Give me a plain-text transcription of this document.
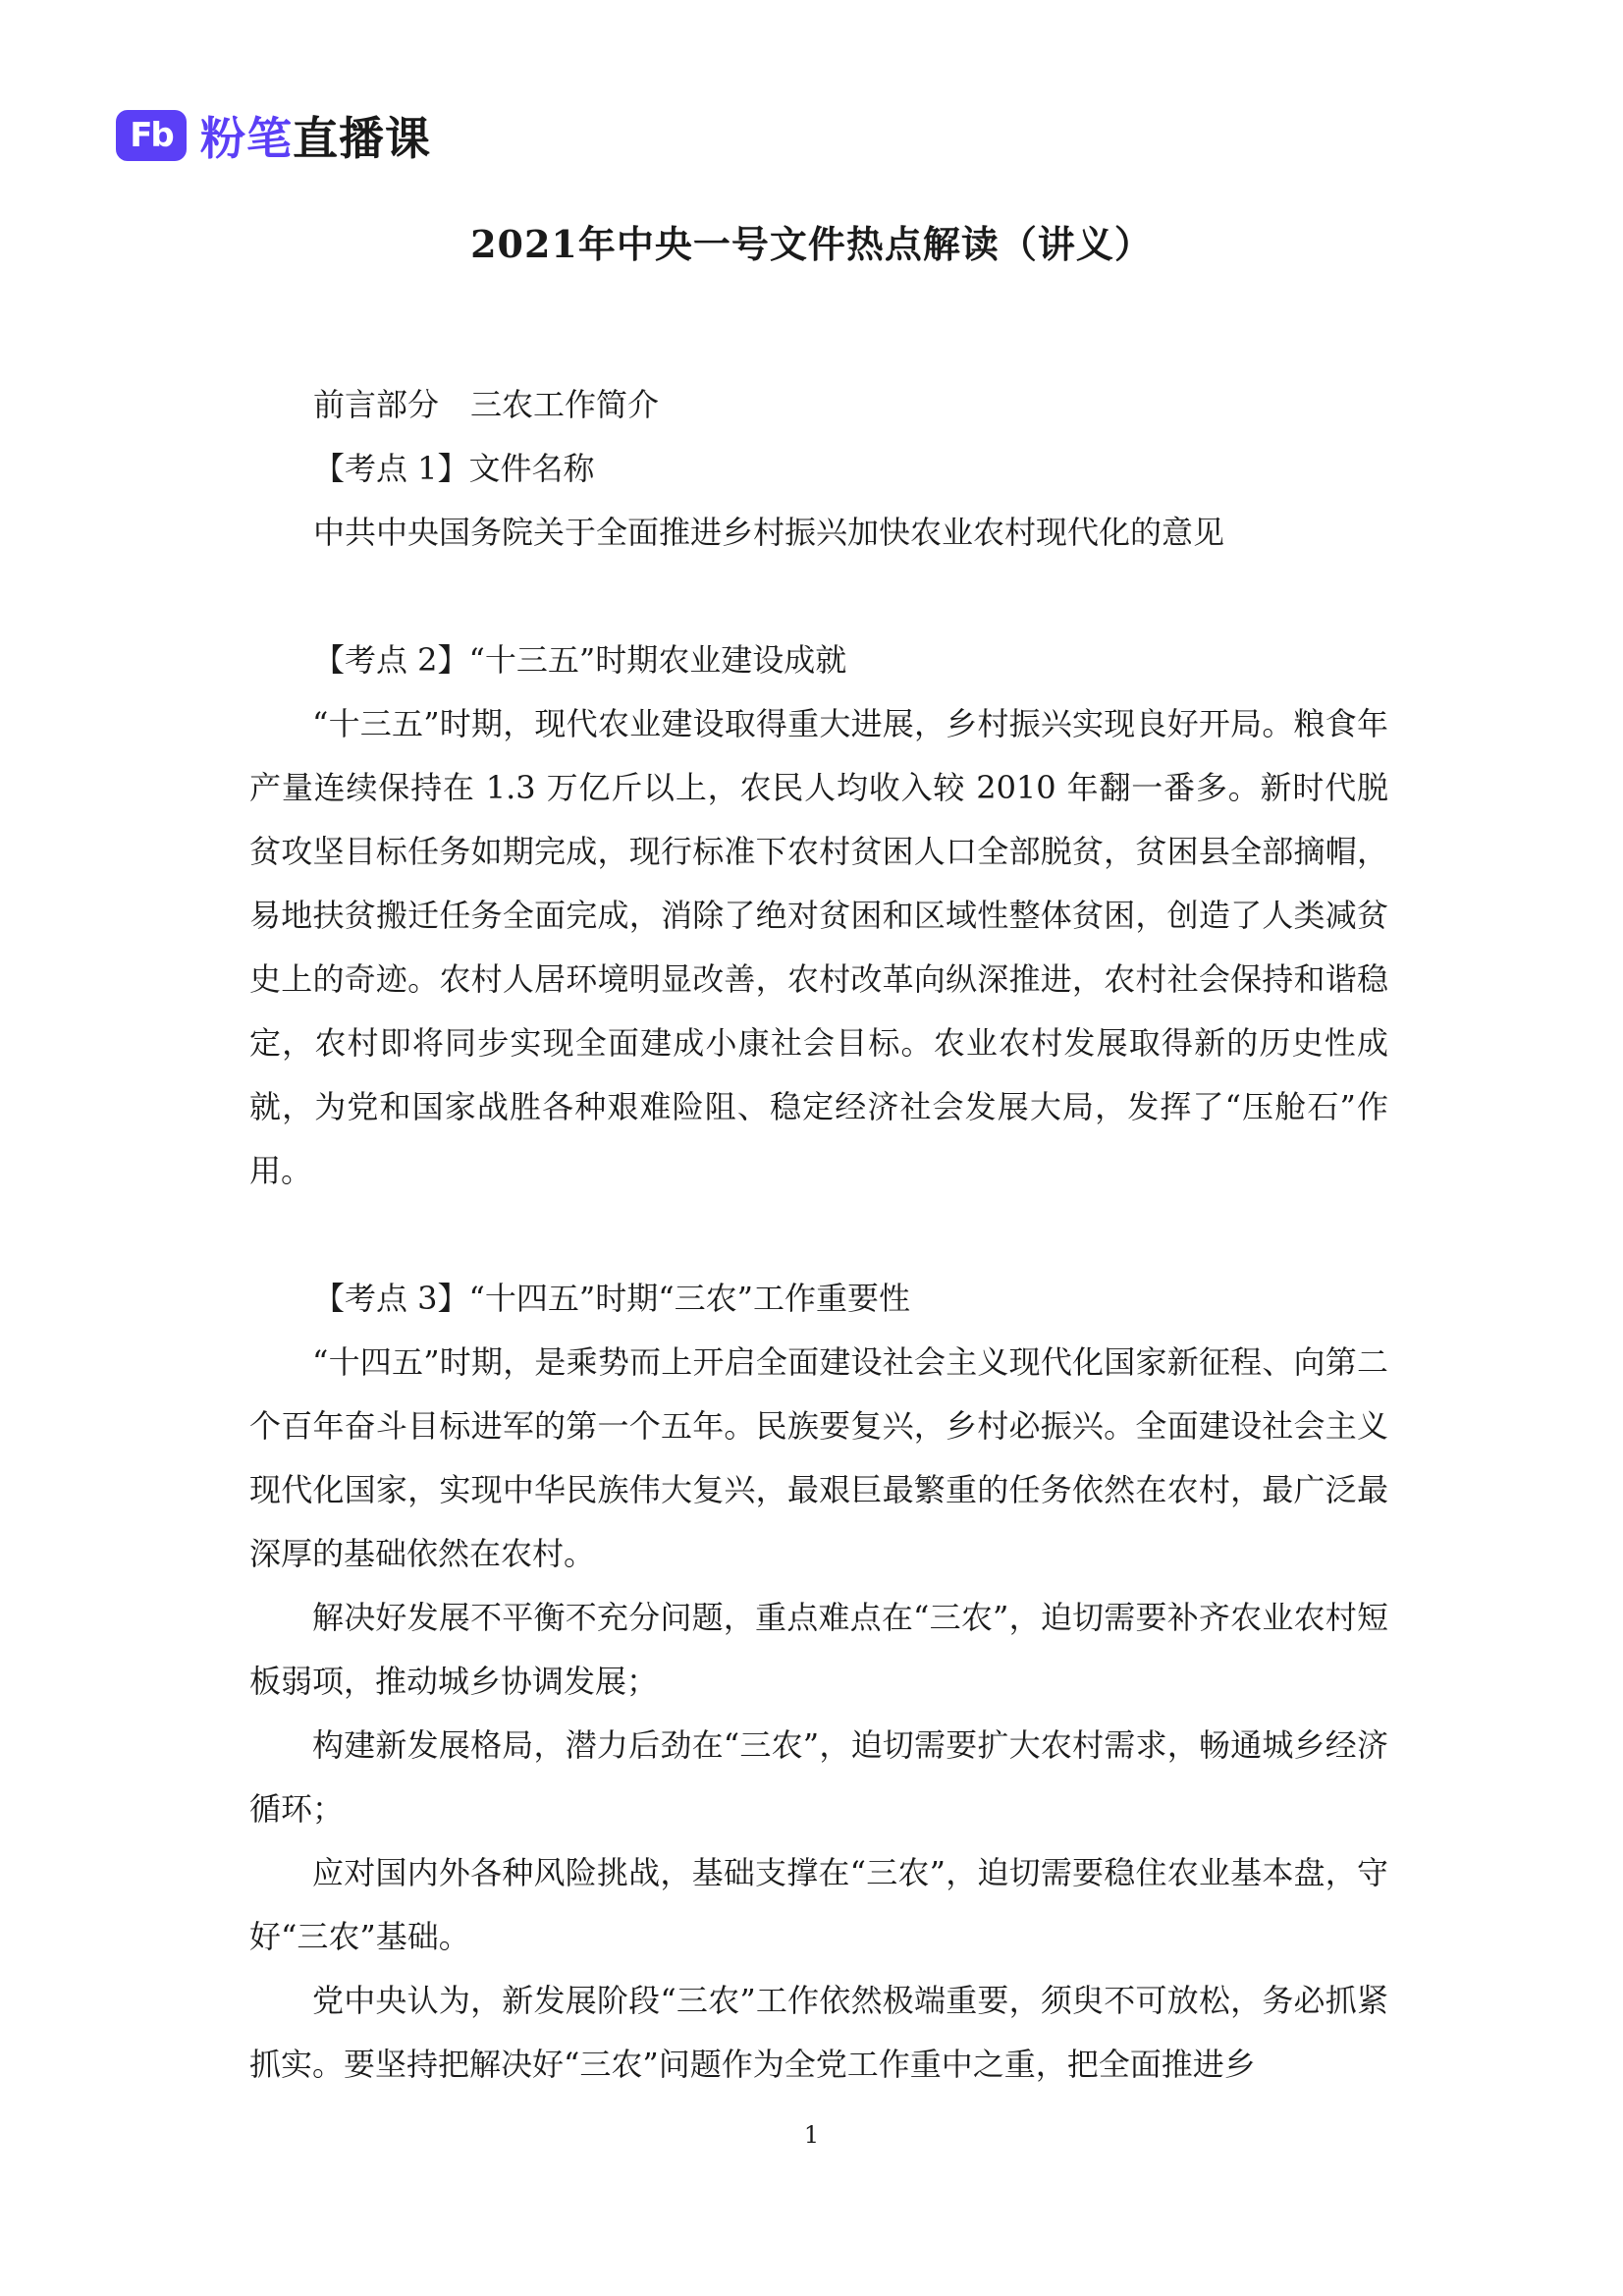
Fb 粉笔直播课
2021年中央一号文件热点解读（讲义）
前言部分　三农工作简介
【考点 1】文件名称
中共中央国务院关于全面推进乡村振兴加快农业农村现代化的意见
【考点 2】“十三五”时期农业建设成就

“十三五”时期，现代农业建设取得重大进展，乡村振兴实现良好开局。粮食年产量连续保持在 1.3 万亿斤以上，农民人均收入较 2010 年翻一番多。新时代脱贫攻坚目标任务如期完成，现行标准下农村贫困人口全部脱贫，贫困县全部摘帽，易地扶贫搬迁任务全面完成，消除了绝对贫困和区域性整体贫困，创造了人类减贫史上的奇迹。农村人居环境明显改善，农村改革向纵深推进，农村社会保持和谐稳定，农村即将同步实现全面建成小康社会目标。农业农村发展取得新的历史性成就，为党和国家战胜各种艰难险阻、稳定经济社会发展大局，发挥了“压舱石”作用。

【考点 3】“十四五”时期“三农”工作重要性

“十四五”时期，是乘势而上开启全面建设社会主义现代化国家新征程、向第二个百年奋斗目标进军的第一个五年。民族要复兴，乡村必振兴。全面建设社会主义现代化国家，实现中华民族伟大复兴，最艰巨最繁重的任务依然在农村，最广泛最深厚的基础依然在农村。

解决好发展不平衡不充分问题，重点难点在“三农”，迫切需要补齐农业农村短板弱项，推动城乡协调发展；

构建新发展格局，潜力后劲在“三农”，迫切需要扩大农村需求，畅通城乡经济循环；

应对国内外各种风险挑战，基础支撑在“三农”，迫切需要稳住农业基本盘，守好“三农”基础。

党中央认为，新发展阶段“三农”工作依然极端重要，须臾不可放松，务必抓紧抓实。要坚持把解决好“三农”问题作为全党工作重中之重，把全面推进乡

1
